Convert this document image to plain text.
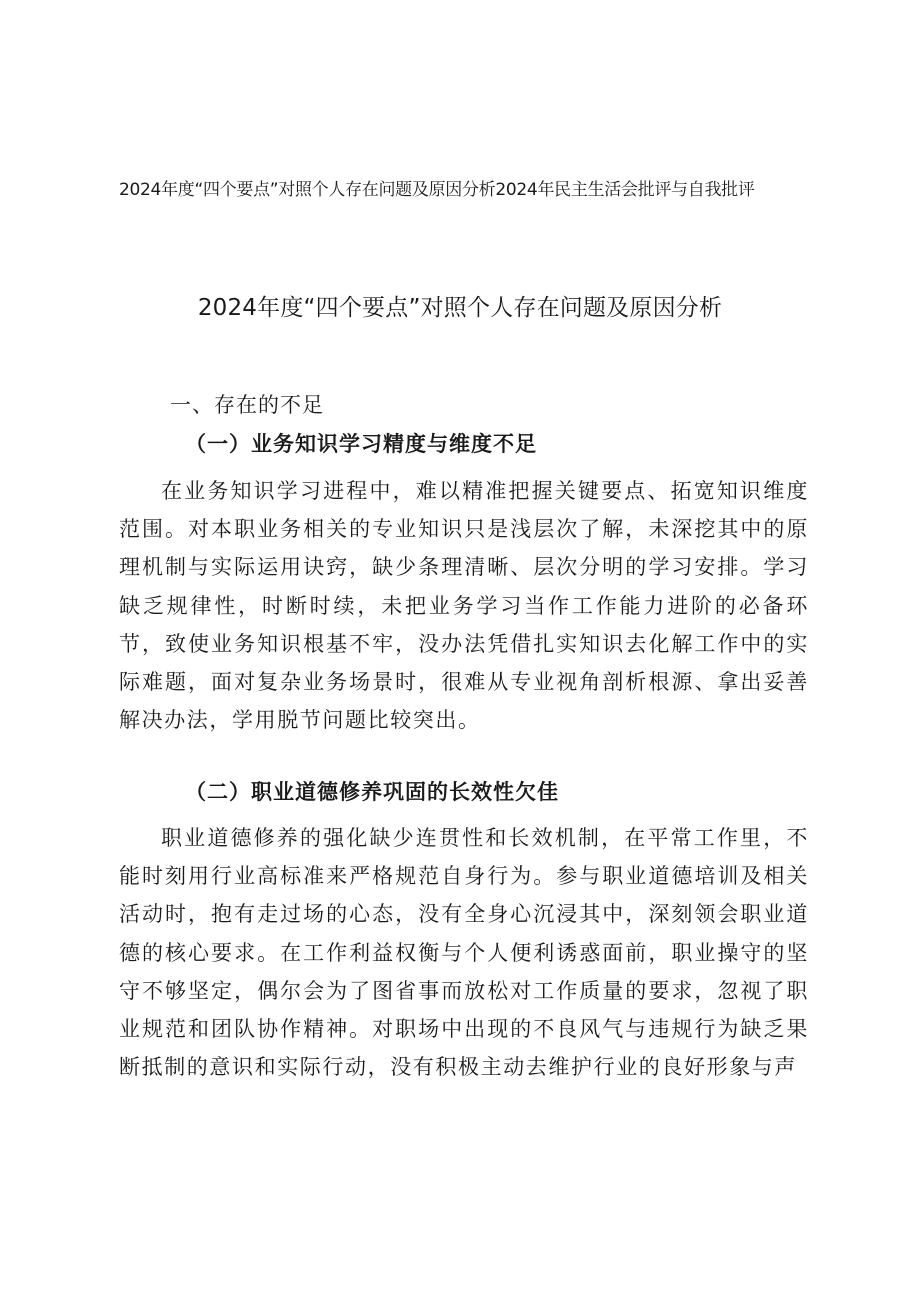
2024年度“四个要点”对照个人存在问题及原因分析2024年民主生活会批评与自我批评
2024年度“四个要点”对照个人存在问题及原因分析
一、存在的不足
（一）业务知识学习精度与维度不足

在业务知识学习进程中，难以精准把握关键要点、拓宽知识维度范围。对本职业务相关的专业知识只是浅层次了解，未深挖其中的原理机制与实际运用诀窍，缺少条理清晰、层次分明的学习安排。学习缺乏规律性，时断时续，未把业务学习当作工作能力进阶的必备环节，致使业务知识根基不牢，没办法凭借扎实知识去化解工作中的实际难题，面对复杂业务场景时，很难从专业视角剖析根源、拿出妥善解决办法，学用脱节问题比较突出。

（二）职业道德修养巩固的长效性欠佳

职业道德修养的强化缺少连贯性和长效机制，在平常工作里，不能时刻用行业高标准来严格规范自身行为。参与职业道德培训及相关活动时，抱有走过场的心态，没有全身心沉浸其中，深刻领会职业道德的核心要求。在工作利益权衡与个人便利诱惑面前，职业操守的坚守不够坚定，偶尔会为了图省事而放松对工作质量的要求，忽视了职业规范和团队协作精神。对职场中出现的不良风气与违规行为缺乏果断抵制的意识和实际行动，没有积极主动去维护行业的良好形象与声
